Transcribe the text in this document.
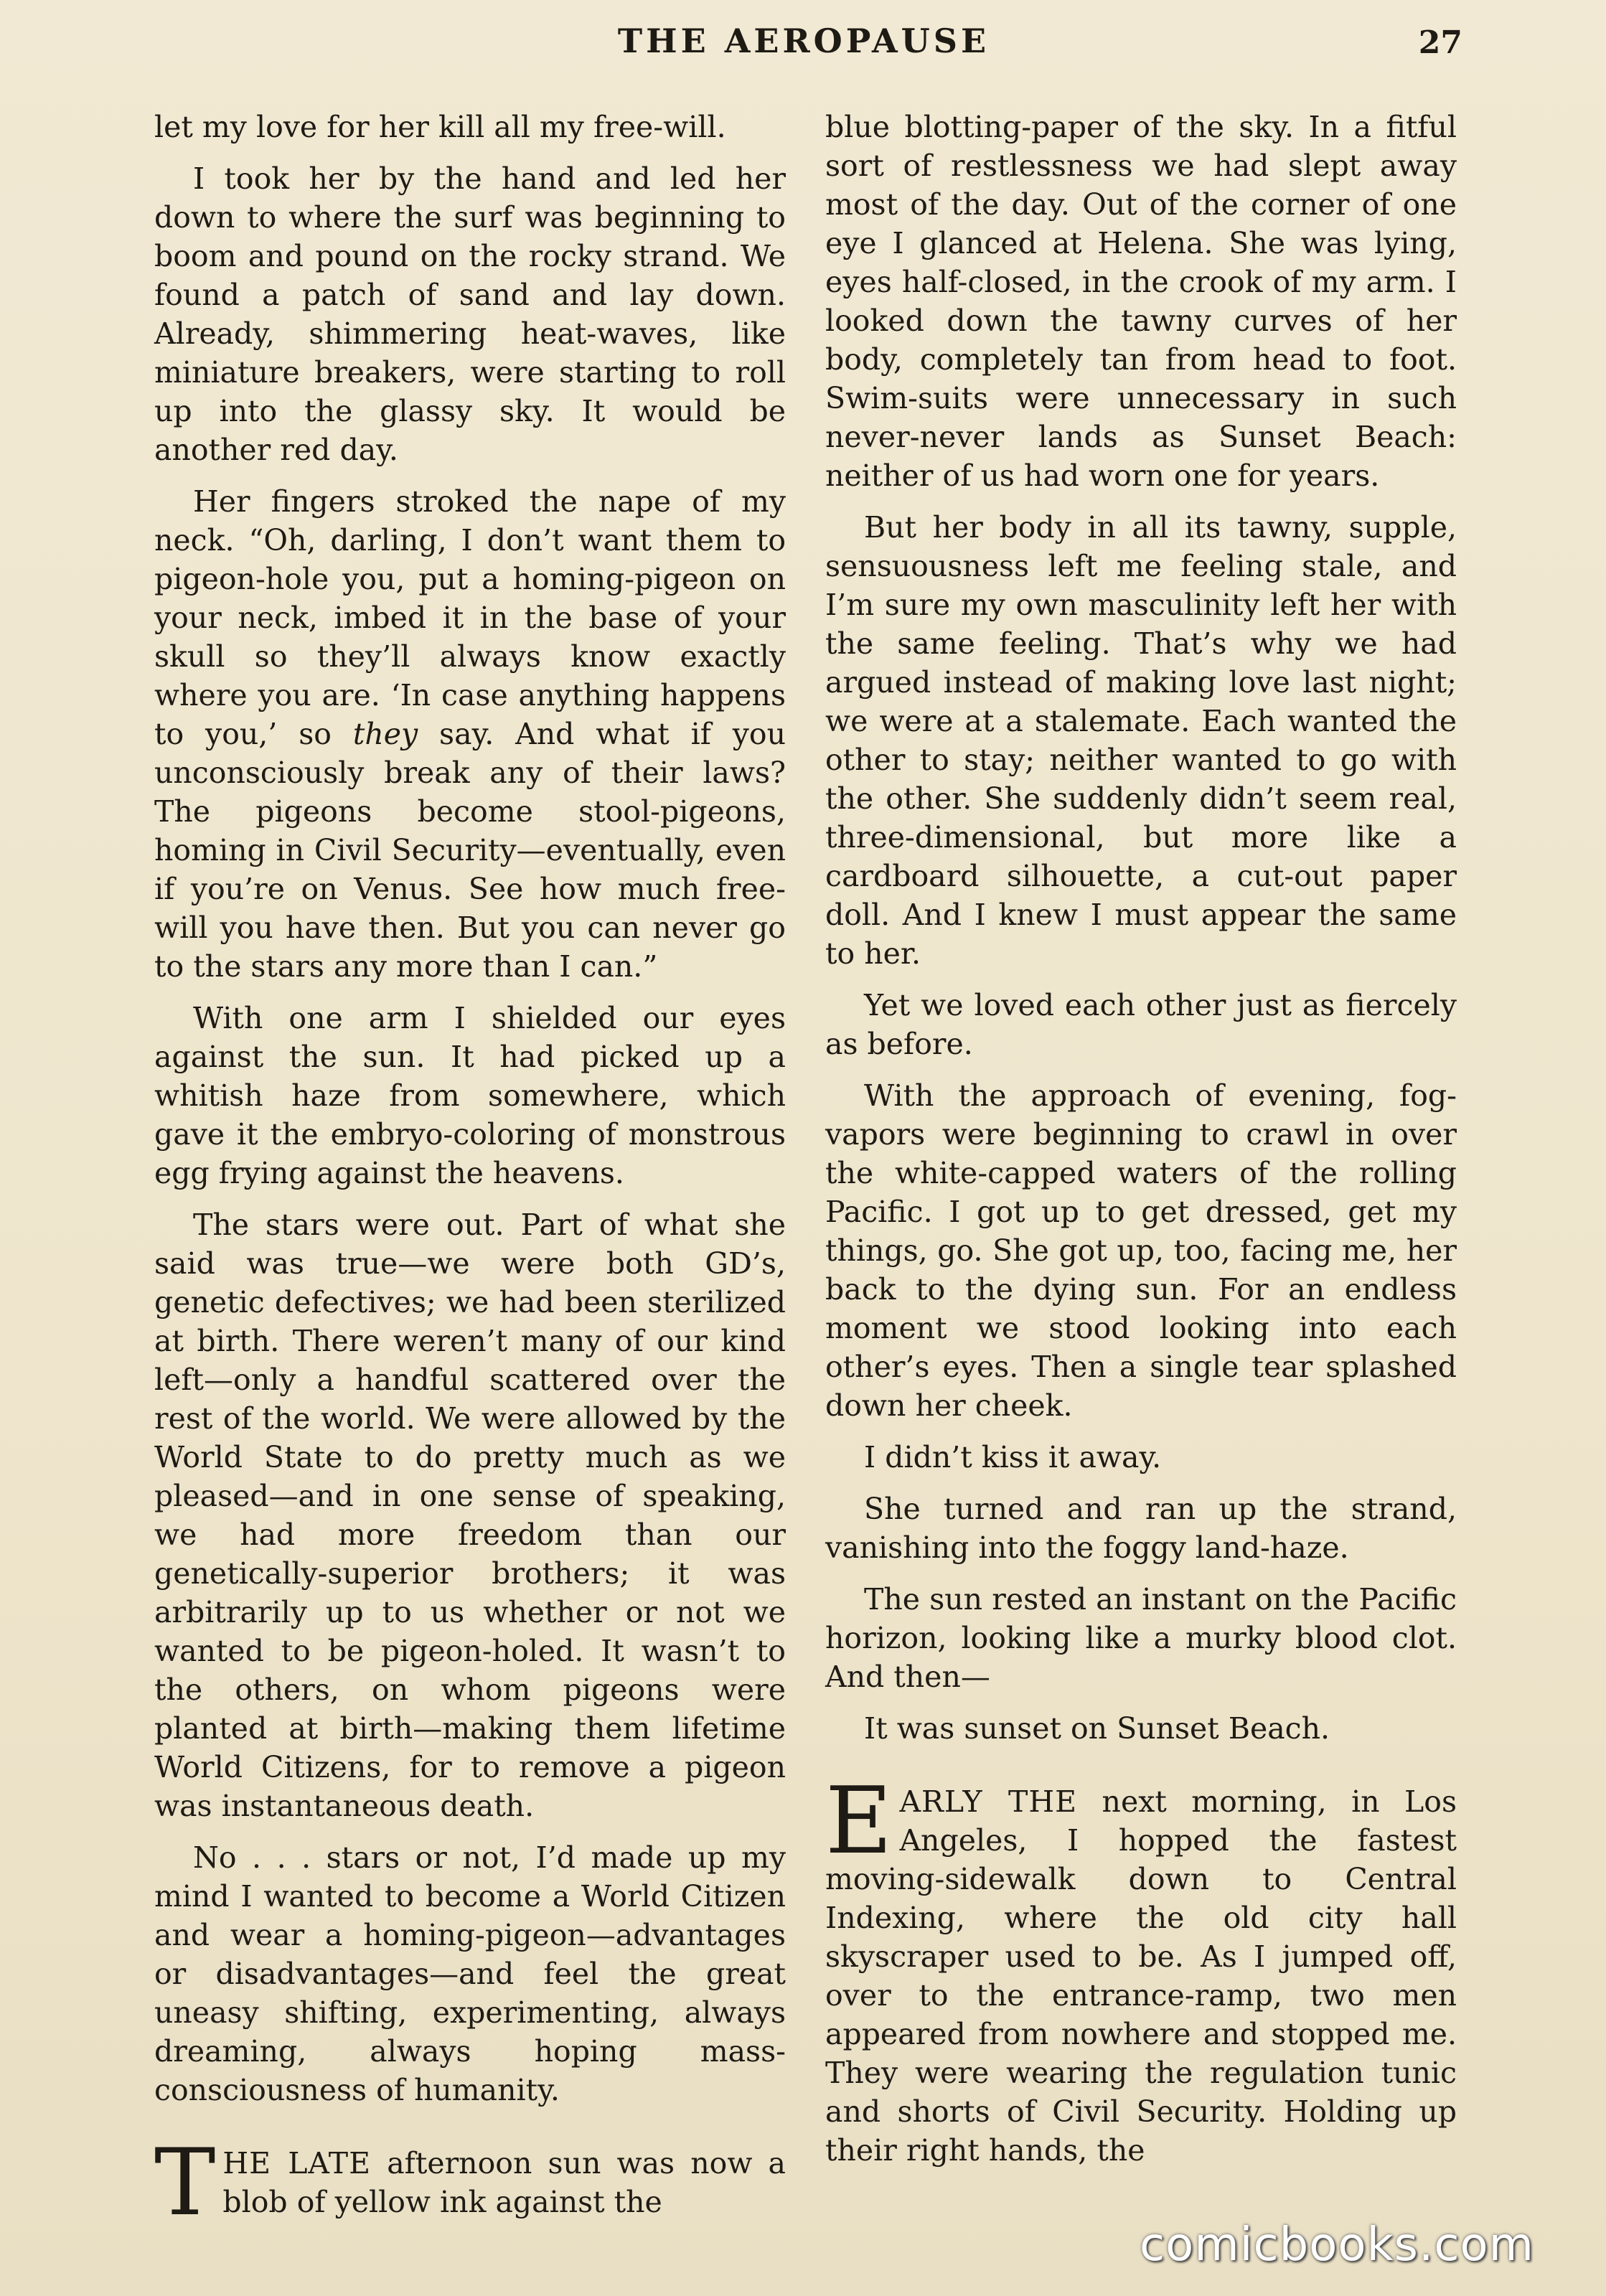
THE AEROPAUSE	27

let my love for her kill all my free-will.

I took her by the hand and led her down to where the surf was beginning to boom and pound on the rocky strand. We found a patch of sand and lay down. Already, shimmering heat-waves, like miniature breakers, were starting to roll up into the glassy sky. It would be another red day.

Her fingers stroked the nape of my neck. “Oh, darling, I don’t want them to pigeon-hole you, put a homing-pigeon on your neck, imbed it in the base of your skull so they’ll always know exactly where you are. ‘In case anything happens to you,’ so they say. And what if you unconsciously break any of their laws? The pigeons become stool-pigeons, homing in Civil Security—eventually, even if you’re on Venus. See how much free-will you have then. But you can never go to the stars any more than I can.”

With one arm I shielded our eyes against the sun. It had picked up a whitish haze from somewhere, which gave it the embryo-coloring of monstrous egg frying against the heavens.

The stars were out. Part of what she said was true—we were both GD’s, genetic defectives; we had been sterilized at birth. There weren’t many of our kind left—only a handful scattered over the rest of the world. We were allowed by the World State to do pretty much as we pleased—and in one sense of speaking, we had more freedom than our genetically-superior brothers; it was arbitrarily up to us whether or not we wanted to be pigeon-holed. It wasn’t to the others, on whom pigeons were planted at birth—making them lifetime World Citizens, for to remove a pigeon was instantaneous death.

No . . . stars or not, I’d made up my mind I wanted to become a World Citizen and wear a homing-pigeon—advantages or disadvantages—and feel the great uneasy shifting, experimenting, always dreaming, always hoping mass-consciousness of humanity.

THE LATE afternoon sun was now a blob of yellow ink against the

blue blotting-paper of the sky. In a fitful sort of restlessness we had slept away most of the day. Out of the corner of one eye I glanced at Helena. She was lying, eyes half-closed, in the crook of my arm. I looked down the tawny curves of her body, completely tan from head to foot. Swim-suits were unnecessary in such never-never lands as Sunset Beach: neither of us had worn one for years.

But her body in all its tawny, supple, sensuousness left me feeling stale, and I’m sure my own masculinity left her with the same feeling. That’s why we had argued instead of making love last night; we were at a stalemate. Each wanted the other to stay; neither wanted to go with the other. She suddenly didn’t seem real, three-dimensional, but more like a cardboard silhouette, a cut-out paper doll. And I knew I must appear the same to her.

Yet we loved each other just as fiercely as before.

With the approach of evening, fog-vapors were beginning to crawl in over the white-capped waters of the rolling Pacific. I got up to get dressed, get my things, go. She got up, too, facing me, her back to the dying sun. For an endless moment we stood looking into each other’s eyes. Then a single tear splashed down her cheek.

I didn’t kiss it away.

She turned and ran up the strand, vanishing into the foggy land-haze.

The sun rested an instant on the Pacific horizon, looking like a murky blood clot. And then—

It was sunset on Sunset Beach.

EARLY THE next morning, in Los Angeles, I hopped the fastest moving-sidewalk down to Central Indexing, where the old city hall skyscraper used to be. As I jumped off, over to the entrance-ramp, two men appeared from nowhere and stopped me. They were wearing the regulation tunic and shorts of Civil Security. Holding up their right hands, the

comicbooks.com
